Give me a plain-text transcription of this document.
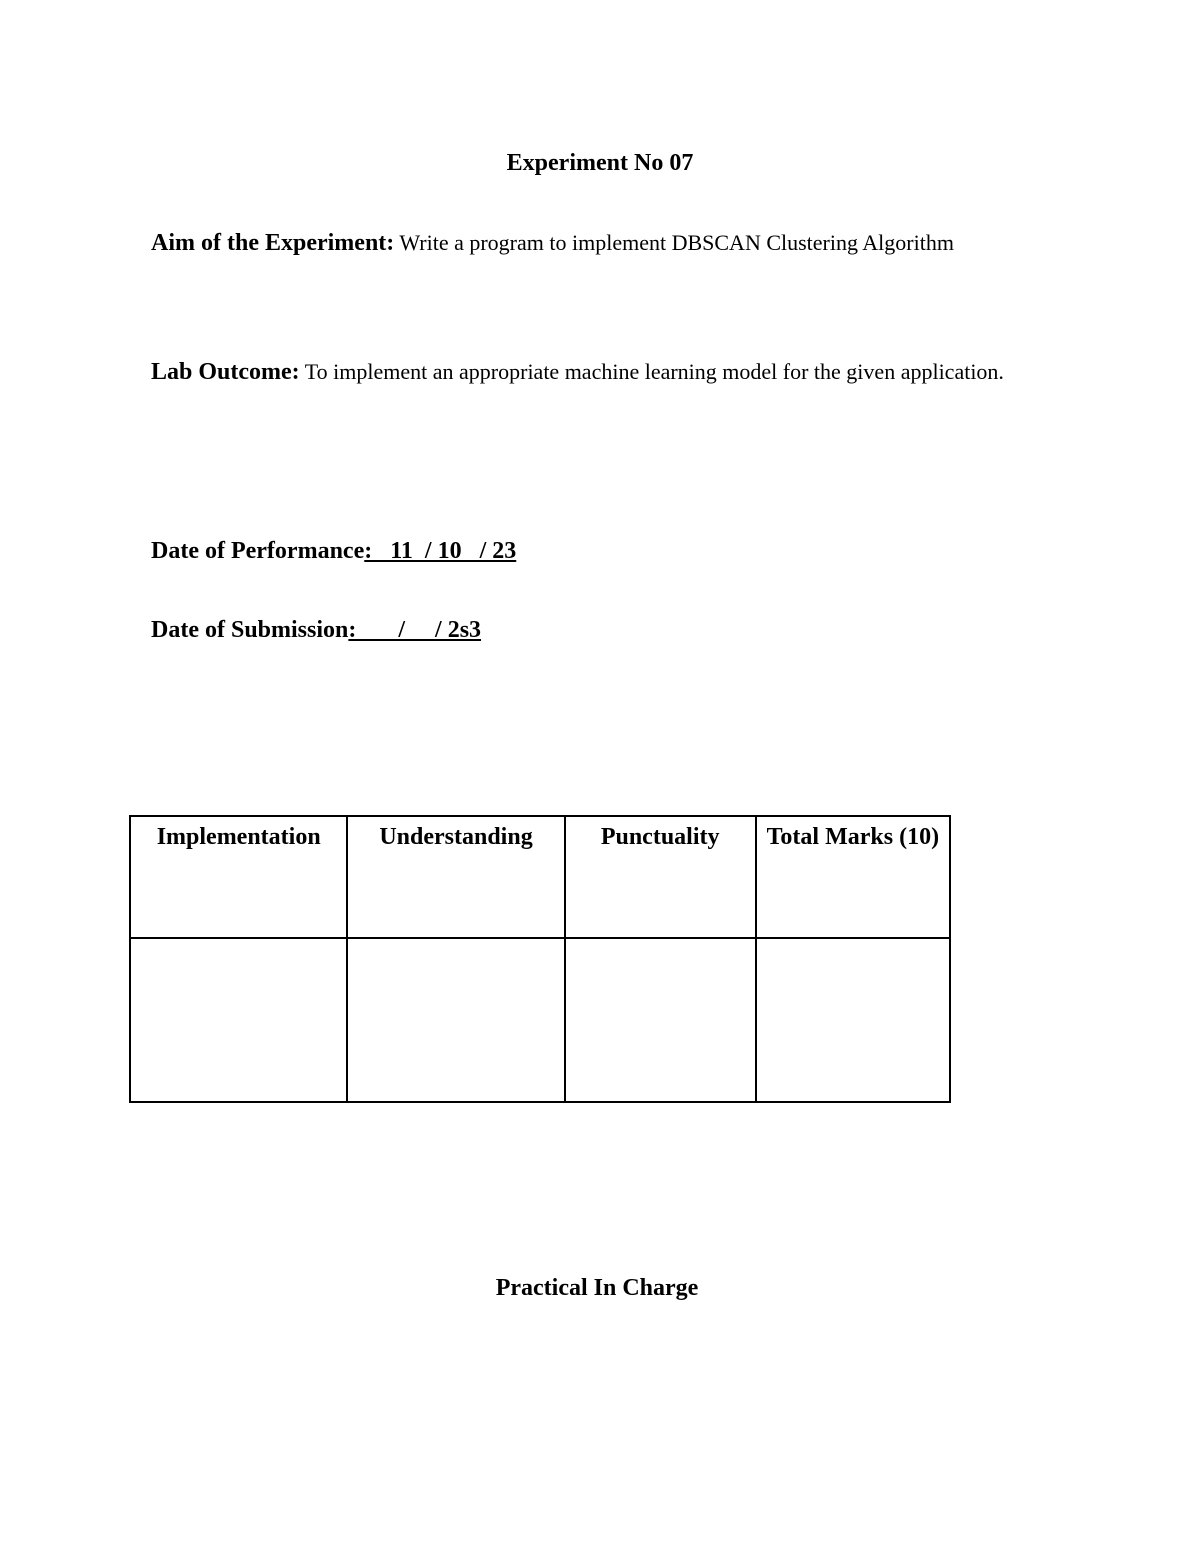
Experiment No 07
Aim of the Experiment: Write a program to implement DBSCAN Clustering Algorithm
Lab Outcome: To implement an appropriate machine learning model for the given application.
Date of Performance:   11  / 10   / 23
Date of Submission:       /     / 2s3
Implementation	Understanding	Punctuality	Total Marks (10)

Practical In Charge
